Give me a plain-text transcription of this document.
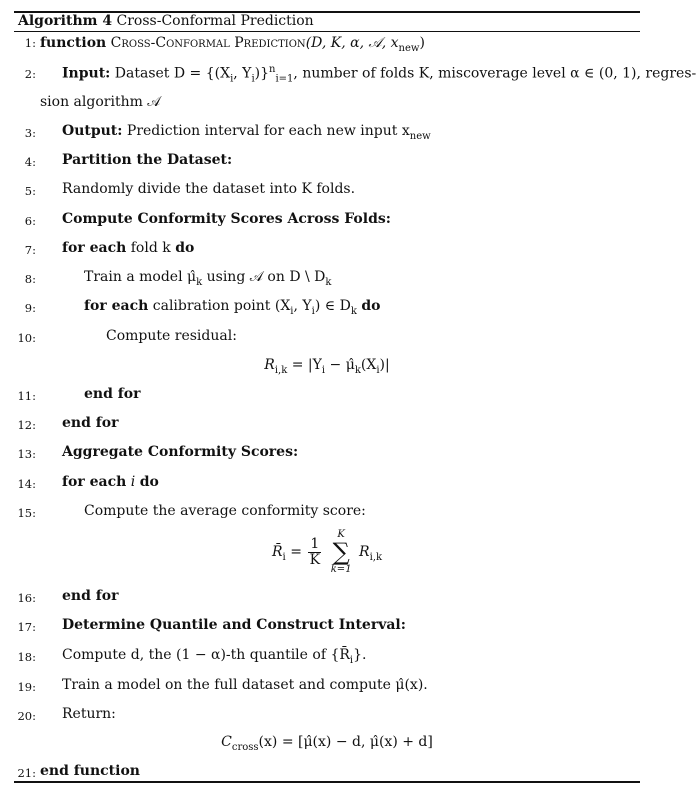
Algorithm 4 Cross-Conformal Prediction
1: function Cross-Conformal Prediction(D, K, α, 𝒜, $x_{new}$)
2: Input: Dataset $D = \{(X_i$, $Y_i)\}^n_{i=1}$, number of folds K, miscoverage level α ∈ (0, 1), regres-
sion algorithm 𝒜
3: Output: Prediction interval for each new input $x_{new}$
4: Partition the Dataset:
5: Randomly divide the dataset into K folds.
6: Compute Conformity Scores Across Folds:
7: for each fold k do
8:	Train a model $\mû_k$ using 𝒜 on D \ $D_k$
9:	for each calibration point ($X_i$, $Y_i$) ∈ $D_k$ do
10:	Compute residual:
$R_{i,k} = |Y_i$ − $\mû_k(X_i)|$
11:	end for
12: end for
13: Aggregate Conformity Scores:
14: for each i do
15:	Compute the average conformity score:
$R̄_i = \frac{1}{K}$

K
∑
k=1
$R_{i,k}$
16: end for
17: Determine Quantile and Construct Interval:
18: Compute d, the (1 − α)-th quantile of $\{R̄_i\}$.
19: Train a model on the full dataset and compute μ̂(x).
20: Return:
$C_{cross}(x)$ = [μ̂(x) − d, μ̂(x) + d]
21: end function
